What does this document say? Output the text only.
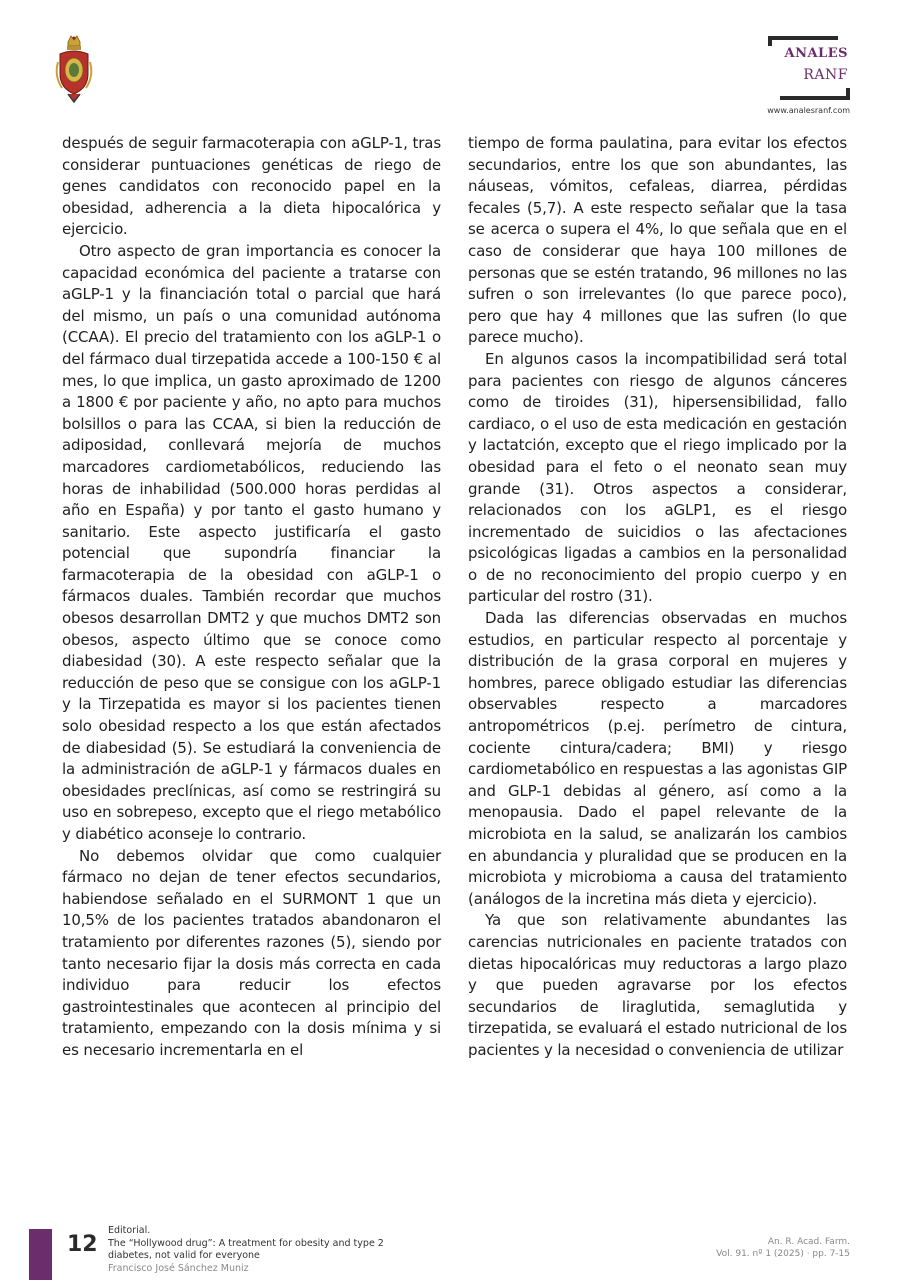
ANALES
RANF
www.analesranf.com

después de seguir farmacoterapia con aGLP-1, tras considerar puntuaciones genéticas de riego de genes candidatos con reconocido papel en la obesidad, adherencia a la dieta hipocalórica y ejercicio.

Otro aspecto de gran importancia es conocer la capacidad económica del paciente a tratarse con aGLP-1 y la financiación total o parcial que hará del mismo, un país o una comunidad autónoma (CCAA). El precio del tratamiento con los aGLP-1 o del fármaco dual tirzepatida accede a 100-150 € al mes, lo que implica, un gasto aproximado de 1200 a 1800 € por paciente y año, no apto para muchos bolsillos o para las CCAA, si bien la reducción de adiposidad, conllevará mejoría de muchos marcadores cardiometabólicos, reduciendo las horas de inhabilidad (500.000 horas perdidas al año en España) y por tanto el gasto humano y sanitario. Este aspecto justificaría el gasto potencial que supondría financiar la farmacoterapia de la obesidad con aGLP-1 o fármacos duales. También recordar que muchos obesos desarrollan DMT2 y que muchos DMT2 son obesos, aspecto último que se conoce como diabesidad (30). A este respecto señalar que la reducción de peso que se consigue con los aGLP-1 y la Tirzepatida es mayor si los pacientes tienen solo obesidad respecto a los que están afectados de diabesidad (5). Se estudiará la conveniencia de la administración de aGLP-1 y fármacos duales en obesidades preclínicas, así como se restringirá su uso en sobrepeso, excepto que el riego metabólico y diabético aconseje lo contrario.

No debemos olvidar que como cualquier fármaco no dejan de tener efectos secundarios, habiendose señalado en el SURMONT 1 que un 10,5% de los pacientes tratados abandonaron el tratamiento por diferentes razones (5), siendo por tanto necesario fijar la dosis más correcta en cada individuo para reducir los efectos gastrointestinales que acontecen al principio del tratamiento, empezando con la dosis mínima y si es necesario incrementarla en el

tiempo de forma paulatina, para evitar los efectos secundarios, entre los que son abundantes, las náuseas, vómitos, cefaleas, diarrea, pérdidas fecales (5,7). A este respecto señalar que la tasa se acerca o supera el 4%, lo que señala que en el caso de considerar que haya 100 millones de personas que se estén tratando, 96 millones no las sufren o son irrelevantes (lo que parece poco), pero que hay 4 millones que las sufren (lo que parece mucho).

En algunos casos la incompatibilidad será total para pacientes con riesgo de algunos cánceres como de tiroides (31), hipersensibilidad, fallo cardiaco, o el uso de esta medicación en gestación y lactatción, excepto que el riego implicado por la obesidad para el feto o el neonato sean muy grande (31). Otros aspectos a considerar, relacionados con los aGLP1, es el riesgo incrementado de suicidios o las afectaciones psicológicas ligadas a cambios en la personalidad o de no reconocimiento del propio cuerpo y en particular del rostro (31).

Dada las diferencias observadas en muchos estudios, en particular respecto al porcentaje y distribución de la grasa corporal en mujeres y hombres, parece obligado estudiar las diferencias observables respecto a marcadores antropométricos (p.ej. perímetro de cintura, cociente cintura/cadera; BMI) y riesgo cardiometabólico en respuestas a las agonistas GIP and GLP-1 debidas al género, así como a la menopausia. Dado el papel relevante de la microbiota en la salud, se analizarán los cambios en abundancia y pluralidad que se producen en la microbiota y microbioma a causa del tratamiento (análogos de la incretina más dieta y ejercicio).

Ya que son relativamente abundantes las carencias nutricionales en paciente tratados con dietas hipocalóricas muy reductoras a largo plazo y que pueden agravarse por los efectos secundarios de liraglutida, semaglutida y tirzepatida, se evaluará el estado nutricional de los pacientes y la necesidad o conveniencia de utilizar

12
Editorial.
The “Hollywood drug”: A treatment for obesity and type 2
diabetes, not valid for everyone
Francisco José Sánchez Muniz
An. R. Acad. Farm.
Vol. 91. nº 1 (2025) · pp. 7-15
